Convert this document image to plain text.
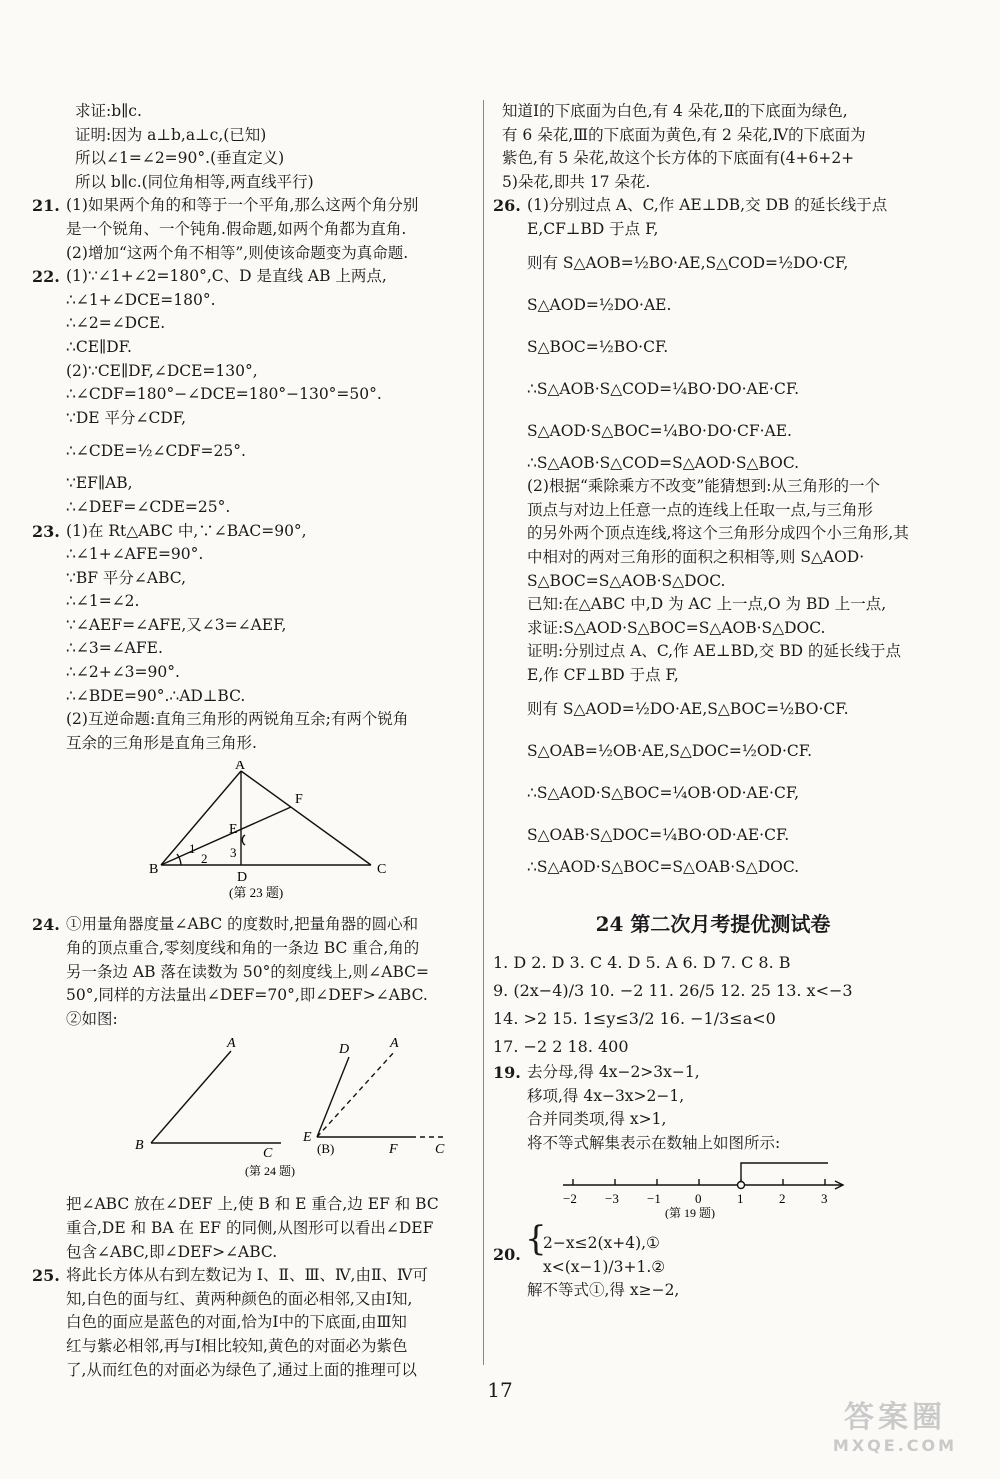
求证:b∥c.
证明:因为 a⊥b,a⊥c,(已知)
所以∠1=∠2=90°.(垂直定义)
所以 b∥c.(同位角相等,两直线平行)
21. (1)如果两个角的和等于一个平角,那么这两个角分别
是一个锐角、一个钝角.假命题,如两个角都为直角.
(2)增加“这两个角不相等”,则使该命题变为真命题.
22. (1)∵∠1+∠2=180°,C、D 是直线 AB 上两点,
∴∠1+∠DCE=180°.
∴∠2=∠DCE.
∴CE∥DF.
(2)∵CE∥DF,∠DCE=130°,
∴∠CDF=180°−∠DCE=180°−130°=50°.
∵DE 平分∠CDF,
∴∠CDE=½∠CDF=25°.
∵EF∥AB,
∴∠DEF=∠CDE=25°.
23. (1)在 Rt△ABC 中,∵∠BAC=90°,
∴∠1+∠AFE=90°.
∵BF 平分∠ABC,
∴∠1=∠2.
∵∠AEF=∠AFE,又∠3=∠AEF,
∴∠3=∠AFE.
∴∠2+∠3=90°.
∴∠BDE=90°.∴AD⊥BC.
(2)互逆命题:直角三角形的两锐角互余;有两个锐角
互余的三角形是直角三角形.
A
F
E
B	C
D
1
2 3
(第 23 题)
24. ①用量角器度量∠ABC 的度数时,把量角器的圆心和
角的顶点重合,零刻度线和角的一条边 BC 重合,角的
另一条边 AB 落在读数为 50°的刻度线上,则∠ABC=
50°,同样的方法量出∠DEF=70°,即∠DEF>∠ABC.
②如图:
A
B
C
D	A
E
(B)	F	C
(第 24 题)
把∠ABC 放在∠DEF 上,使 B 和 E 重合,边 EF 和 BC
重合,DE 和 BA 在 EF 的同侧,从图形可以看出∠DEF
包含∠ABC,即∠DEF>∠ABC.
25. 将此长方体从右到左数记为 Ⅰ、Ⅱ、Ⅲ、Ⅳ,由Ⅱ、Ⅳ可
知,白色的面与红、黄两种颜色的面必相邻,又由Ⅰ知,
白色的面应是蓝色的对面,恰为Ⅰ中的下底面,由Ⅲ知
红与紫必相邻,再与Ⅰ相比较知,黄色的对面必为紫色
了,从而红色的对面必为绿色了,通过上面的推理可以
知道Ⅰ的下底面为白色,有 4 朵花,Ⅱ的下底面为绿色,
有 6 朵花,Ⅲ的下底面为黄色,有 2 朵花,Ⅳ的下底面为
紫色,有 5 朵花,故这个长方体的下底面有(4+6+2+
5)朵花,即共 17 朵花.
26. (1)分别过点 A、C,作 AE⊥DB,交 DB 的延长线于点
E,CF⊥BD 于点 F,
则有 S△AOB=½BO·AE,S△COD=½DO·CF,
S△AOD=½DO·AE.
S△BOC=½BO·CF.
∴S△AOB·S△COD=¼BO·DO·AE·CF.
S△AOD·S△BOC=¼BO·DO·CF·AE.
∴S△AOB·S△COD=S△AOD·S△BOC.
(2)根据“乘除乘方不改变”能猜想到:从三角形的一个
顶点与对边上任意一点的连线上任取一点,与三角形
的另外两个顶点连线,将这个三角形分成四个小三角形,其
中相对的两对三角形的面积之积相等,则 S△AOD·
S△BOC=S△AOB·S△DOC.
已知:在△ABC 中,D 为 AC 上一点,O 为 BD 上一点,
求证:S△AOD·S△BOC=S△AOB·S△DOC.
证明:分别过点 A、C,作 AE⊥BD,交 BD 的延长线于点
E,作 CF⊥BD 于点 F,
则有 S△AOD=½DO·AE,S△BOC=½BO·CF.
S△OAB=½OB·AE,S△DOC=½OD·CF.
∴S△AOD·S△BOC=¼OB·OD·AE·CF,
S△OAB·S△DOC=¼BO·OD·AE·CF.
∴S△AOD·S△BOC=S△OAB·S△DOC.
24 第二次月考提优测试卷
1. D 2. D 3. C 4. D 5. A 6. D 7. C 8. B
9. (2x−4)/3 10. −2 11. 26/5 12. 25 13. x<−3
14. >2 15. 1≤y≤3/2 16. −1/3≤a<0
17. −2 2 18. 400
19. 去分母,得 4x−2>3x−1,
移项,得 4x−3x>2−1,
合并同类项,得 x>1,
将不等式解集表示在数轴上如图所示:
−2 −3 −1	0	1	2	3
(第 19 题)
20. {
2−x≤2(x+4),①
x<(x−1)/3+1.②
解不等式①,得 x≥−2,
17
答案圈
MXQE.COM
